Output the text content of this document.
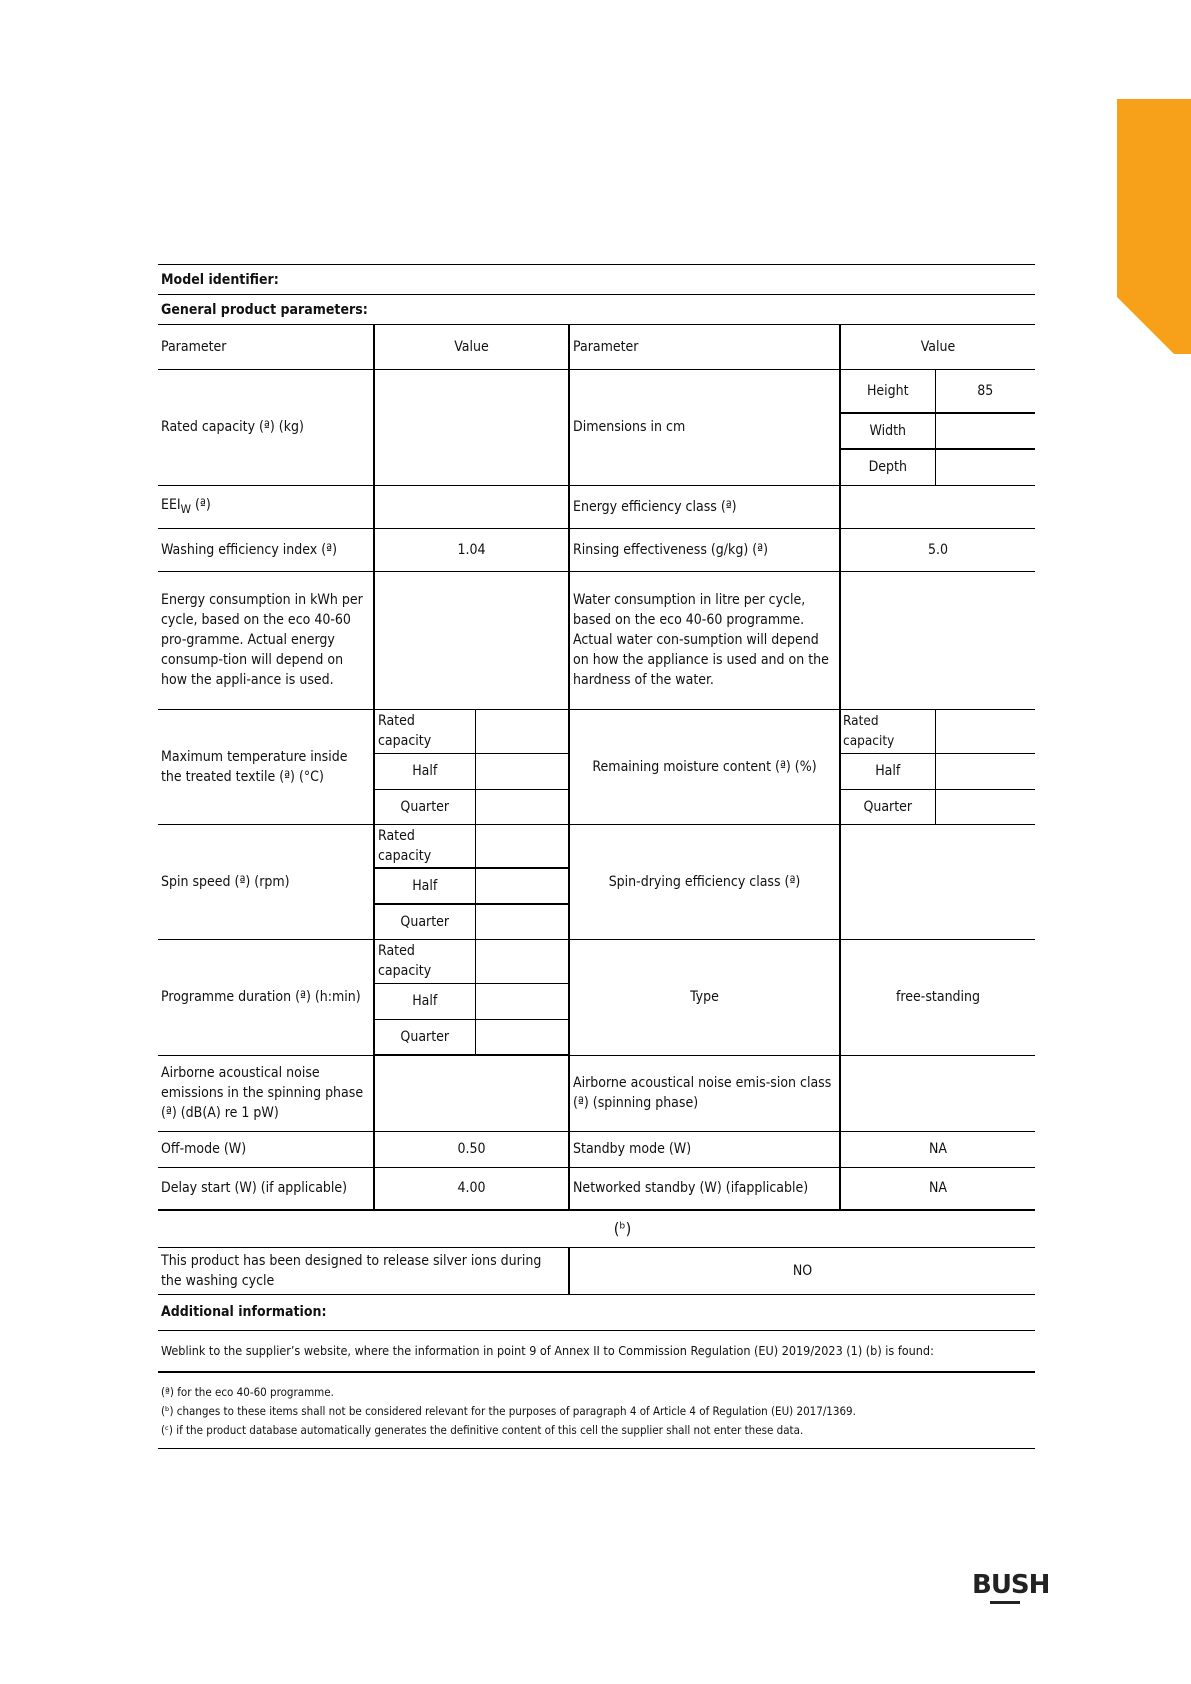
Model identifier:
General product parameters:
Parameter	Value		Parameter	Value	
Rated capacity (ª) (kg)			Dimensions in cm	Height	85
				Width	
				Depth	
$EEI_W$ (ª)			Energy efficiency class (ª)		
Washing efficiency index (ª)	1.04		Rinsing effectiveness (g/kg) (ª)	5.0	
Energy consumption in kWh per cycle, based on the eco 40-60 pro-gramme. Actual energy consump-tion will depend on how the appli-ance is used.			Water consumption in litre per cycle, based on the eco 40-60 programme. Actual water con-sumption will depend on how the appliance is used and on the hardness of the water.		
Maximum temperature inside the treated textile (ª) (°C)	Rated capacity		Remaining moisture content (ª) (%)	Rated capacity	
	Half			Half	
	Quarter			Quarter	
Spin speed (ª) (rpm)	Rated capacity		Spin-drying efficiency class (ª)		
	Half				
	Quarter				
Programme duration (ª) (h:min)	Rated capacity		Type	free-standing	
	Half				
	Quarter				
Airborne acoustical noise emissions in the spinning phase (ª) (dB(A) re 1 pW)			Airborne acoustical noise emis-sion class (ª) (spinning phase)		
Off-mode (W)	0.50		Standby mode (W)	NA	
Delay start (W) (if applicable)	4.00		Networked standby (W) (ifapplicable)	NA	
(ᵇ)
This product has been designed to release silver ions during the washing cycle	NO
Additional information:
Weblink to the supplier’s website, where the information in point 9 of Annex II to Commission Regulation (EU) 2019/2023 (1) (b) is found:

(ª) for the eco 40-60 programme.
(ᵇ) changes to these items shall not be considered relevant for the purposes of paragraph 4 of Article 4 of Regulation (EU) 2017/1369.
(ᶜ) if the product database automatically generates the definitive content of this cell the supplier shall not enter these data.
BUSH
